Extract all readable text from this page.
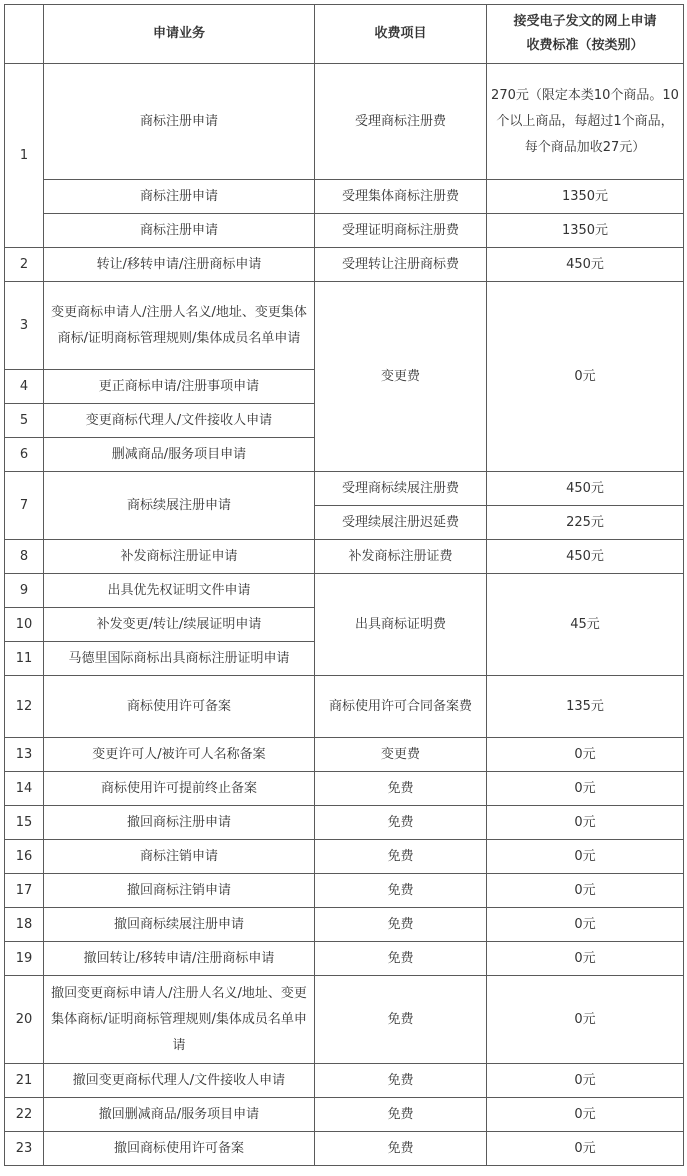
	申请业务	收费项目	接受电子发文的网上申请
收费标准（按类别）

1	商标注册申请	受理商标注册费	270元（限定本类10个商品。10个以上商品，每超过1个商品，每个商品加收27元）
	商标注册申请	受理集体商标注册费	1350元
	商标注册申请	受理证明商标注册费	1350元
2	转让/移转申请/注册商标申请	受理转让注册商标费	450元
3	变更商标申请人/注册人名义/地址、变更集体商标/证明商标管理规则/集体成员名单申请	变更费	0元
4	更正商标申请/注册事项申请		
5	变更商标代理人/文件接收人申请		
6	删减商品/服务项目申请		
7	商标续展注册申请	受理商标续展注册费	450元
		受理续展注册迟延费	225元
8	补发商标注册证申请	补发商标注册证费	450元
9	出具优先权证明文件申请	出具商标证明费	45元
10	补发变更/转让/续展证明申请		
11	马德里国际商标出具商标注册证明申请		
12	商标使用许可备案	商标使用许可合同备案费	135元
13	变更许可人/被许可人名称备案	变更费	0元
14	商标使用许可提前终止备案	免费	0元
15	撤回商标注册申请	免费	0元
16	商标注销申请	免费	0元
17	撤回商标注销申请	免费	0元
18	撤回商标续展注册申请	免费	0元
19	撤回转让/移转申请/注册商标申请	免费	0元
20	撤回变更商标申请人/注册人名义/地址、变更集体商标/证明商标管理规则/集体成员名单申请	免费	0元
21	撤回变更商标代理人/文件接收人申请	免费	0元
22	撤回删减商品/服务项目申请	免费	0元
23	撤回商标使用许可备案	免费	0元
